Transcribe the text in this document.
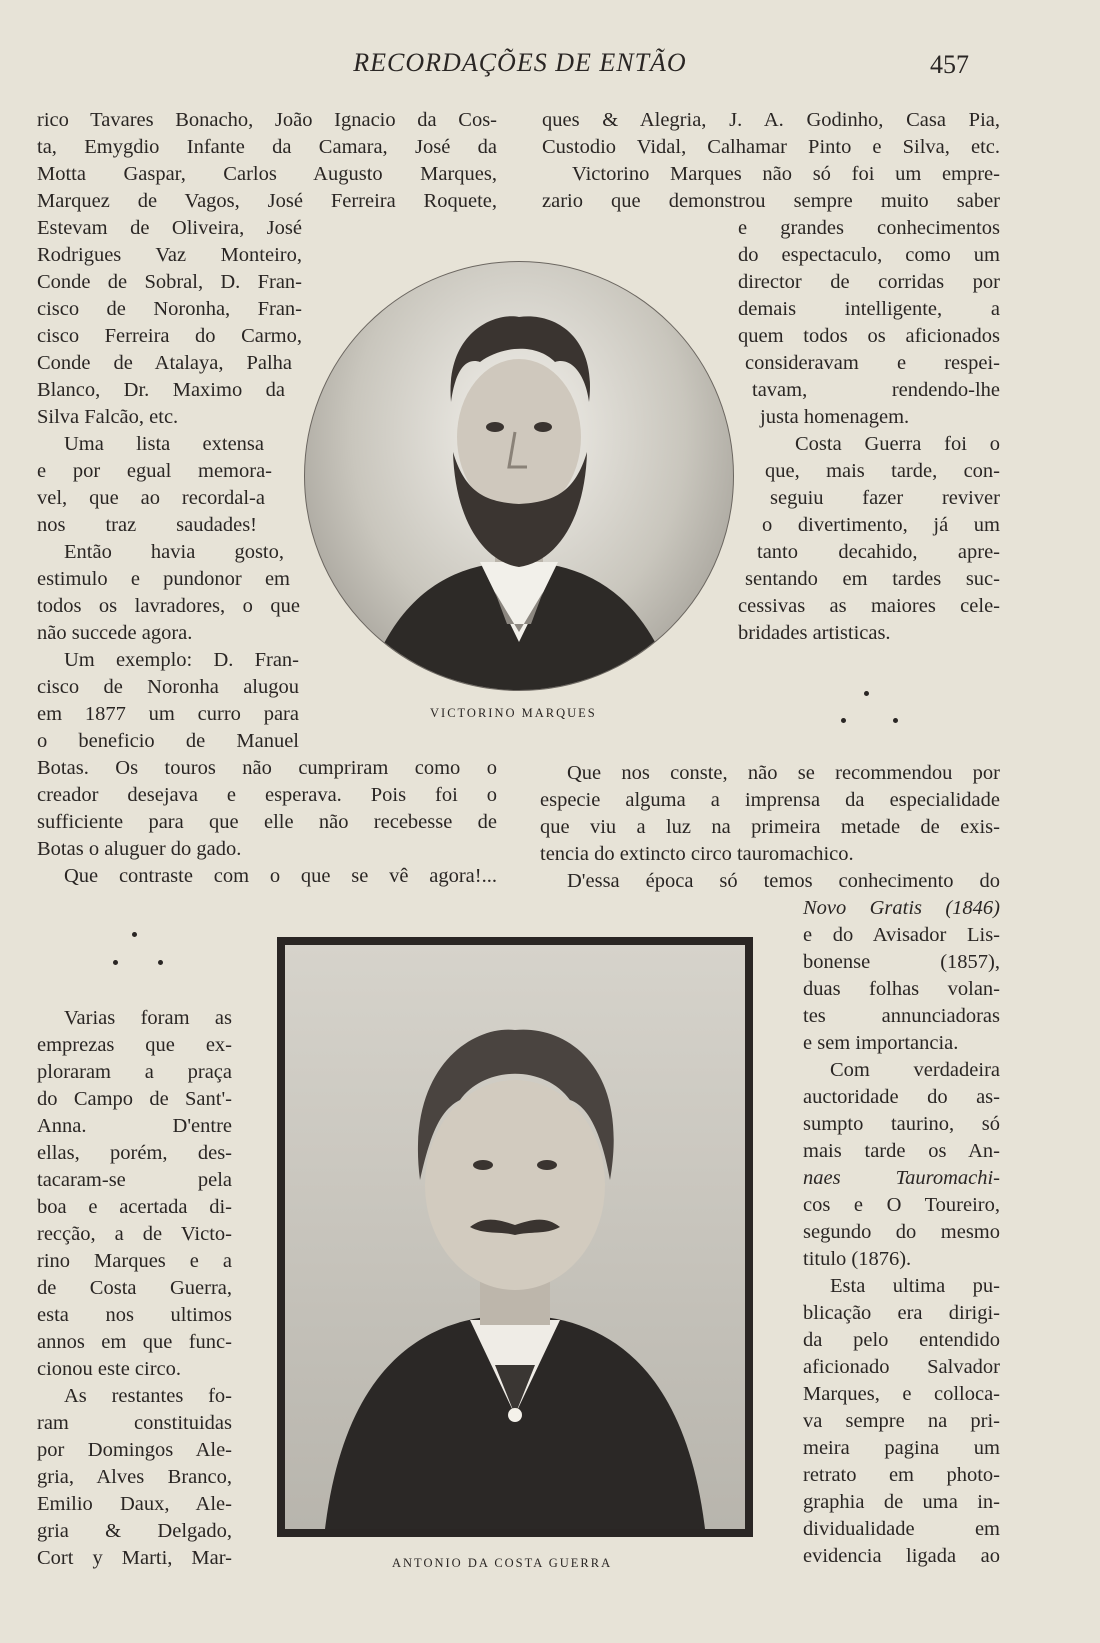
RECORDAÇÕES DE ENTÃO	457
VICTORINO MARQUES
ANTONIO DA COSTA GUERRA
rico Tavares Bonacho, João Ignacio da Cos-
ta, Emygdio Infante da Camara, José da
Motta Gaspar, Carlos Augusto Marques,
Marquez de Vagos, José Ferreira Roquete,
Estevam de Oliveira, José
Rodrigues Vaz Monteiro,
Conde de Sobral, D. Fran-
cisco de Noronha, Fran-
cisco Ferreira do Carmo,
Conde de Atalaya, Palha
Blanco, Dr. Maximo da
Silva Falcão, etc.
Uma lista extensa
e por egual memora-
vel, que ao recordal-a
nos traz saudades!
Então havia gosto,
estimulo e pundonor em
todos os lavradores, o que
não succede agora.
Um exemplo: D. Fran-
cisco de Noronha alugou
em 1877 um curro para
o beneficio de Manuel
Botas. Os touros não cumpriram como o
creador desejava e esperava. Pois foi o
sufficiente para que elle não recebesse de
Botas o aluguer do gado.
Que contraste com o que se vê agora!...
ques & Alegria, J. A. Godinho, Casa Pia,
Custodio Vidal, Calhamar Pinto e Silva, etc.
Victorino Marques não só foi um empre-
zario que demonstrou sempre muito saber
e grandes conhecimentos
do espectaculo, como um
director de corridas por
demais intelligente, a
quem todos os aficionados
consideravam e respei-
tavam, rendendo-lhe
justa homenagem.
Costa Guerra foi o
que, mais tarde, con-
seguiu fazer reviver
o divertimento, já um
tanto decahido, apre-
sentando em tardes suc-
cessivas as maiores cele-
bridades artisticas.
Que nos conste, não se recommendou por
especie alguma a imprensa da especialidade
que viu a luz na primeira metade de exis-
tencia do extincto circo tauromachico.
D'essa época só temos conhecimento do
Novo Gratis (1846)
e do Avisador Lis-
bonense (1857),
duas folhas volan-
tes annunciadoras
e sem importancia.
Com verdadeira
auctoridade do as-
sumpto taurino, só
mais tarde os An-
naes Tauromachi-
cos e O Toureiro,
segundo do mesmo
titulo (1876).
Esta ultima pu-
blicação era dirigi-
da pelo entendido
aficionado Salvador
Marques, e colloca-
va sempre na pri-
meira pagina um
retrato em photo-
graphia de uma in-
dividualidade em
evidencia ligada ao
Varias foram as
emprezas que ex-
ploraram a praça
do Campo de Sant'-
Anna. D'entre
ellas, porém, des-
tacaram-se pela
boa e acertada di-
recção, a de Victo-
rino Marques e a
de Costa Guerra,
esta nos ultimos
annos em que func-
cionou este circo.
As restantes fo-
ram constituidas
por Domingos Ale-
gria, Alves Branco,
Emilio Daux, Ale-
gria & Delgado,
Cort y Marti, Mar-
